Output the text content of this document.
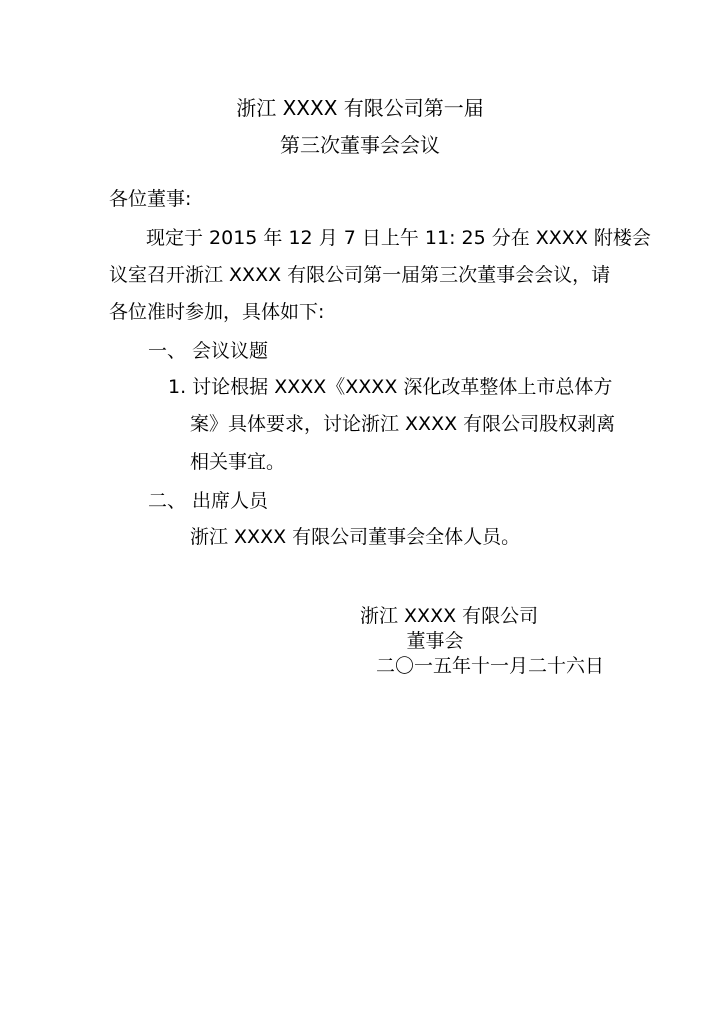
浙江 XXXX 有限公司第一届
第三次董事会会议
各位董事:
现定于 2015 年 12 月 7 日上午 11: 25 分在 XXXX 附楼会
议室召开浙江 XXXX 有限公司第一届第三次董事会会议，请
各位准时参加，具体如下:
一、 会议议题
1. 讨论根据 XXXX《XXXX 深化改革整体上市总体方
案》具体要求，讨论浙江 XXXX 有限公司股权剥离
相关事宜。
二、 出席人员
浙江 XXXX 有限公司董事会全体人员。
浙江 XXXX 有限公司
董事会
二〇一五年十一月二十六日
